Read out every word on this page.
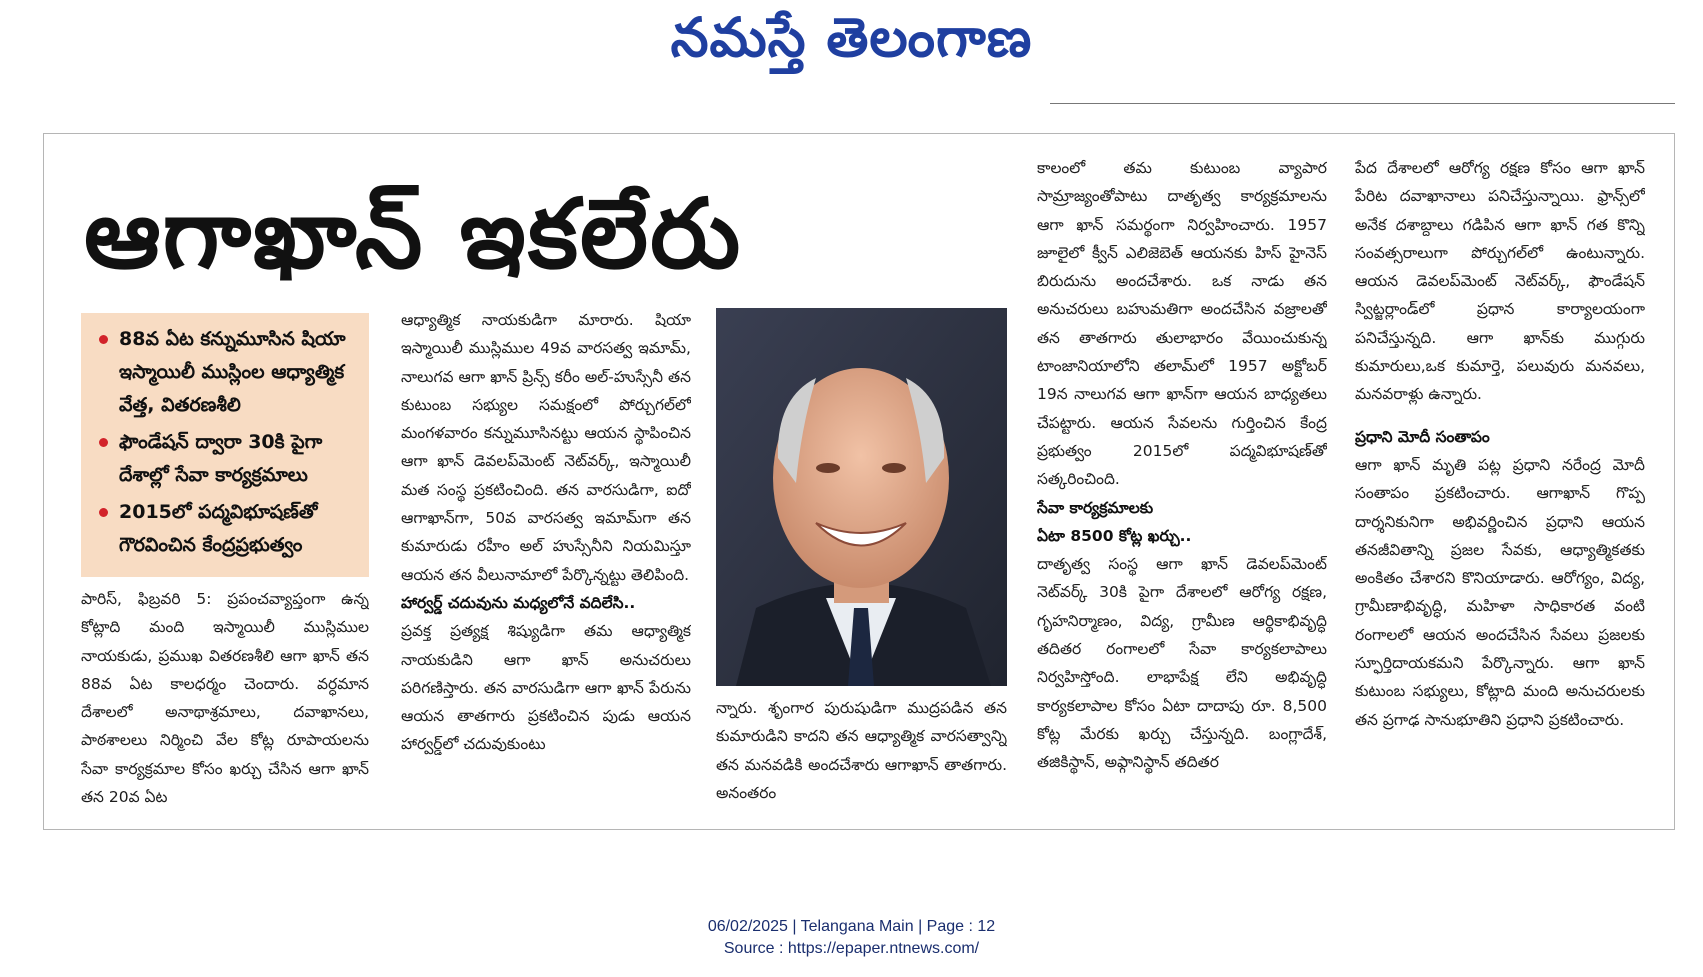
నమస్తే తెలంగాణ
ఆగాఖాన్ ఇకలేరు
88వ ఏట కన్నుమూసిన షియా ఇస్మాయిలీ ముస్లింల ఆధ్యాత్మిక వేత్త, వితరణశీలి
ఫౌండేషన్ ద్వారా 30కి పైగా దేశాల్లో సేవా కార్యక్రమాలు
2015లో పద్మవిభూషణ్‌తో గౌరవించిన కేంద్రప్రభుత్వం

పారిస్, ఫిబ్రవరి 5: ప్రపంచవ్యాప్తంగా ఉన్న కోట్లాది మంది ఇస్మాయిలీ ముస్లిముల నాయకుడు, ప్రముఖ వితరణశీలి ఆగా ఖాన్ తన 88వ ఏట కాలధర్మం చెందారు. వర్ధమాన దేశాలలో అనాథాశ్రమాలు, దవాఖానలు, పాఠశాలలు నిర్మించి వేల కోట్ల రూపాయలను సేవా కార్యక్రమాల కోసం ఖర్చు చేసిన ఆగా ఖాన్ తన 20వ ఏట

ఆధ్యాత్మిక నాయకుడిగా మారారు. షియా ఇస్మాయిలీ ముస్లిముల 49వ వారసత్వ ఇమామ్, నాలుగవ ఆగా ఖాన్ ప్రిన్స్ కరీం అల్-హుస్సేనీ తన కుటుంబ సభ్యుల సమక్షంలో పోర్చుగల్‌లో మంగళవారం కన్నుమూసినట్టు ఆయన స్థాపించిన ఆగా ఖాన్ డెవలప్‌మెంట్ నెట్‌వర్క్, ఇస్మాయిలీ మత సంస్థ ప్రకటించింది. తన వారసుడిగా, ఐదో ఆగాఖాన్‌గా, 50వ వారసత్వ ఇమామ్‌గా తన కుమారుడు రహీం అల్ హుస్సేనీని నియమిస్తూ ఆయన తన వీలునామాలో పేర్కొన్నట్టు తెలిపింది.

హార్వర్డ్ చదువును మధ్యలోనే వదిలేసి..

ప్రవక్త ప్రత్యక్ష శిష్యుడిగా తమ ఆధ్యాత్మిక నాయకుడిని ఆగా ఖాన్ అనుచరులు పరిగణిస్తారు. తన వారసుడిగా ఆగా ఖాన్ పేరును ఆయన తాతగారు ప్రకటించిన పుడు ఆయన హార్వర్డ్‌లో చదువుకుంటు

న్నారు. శృంగార పురుషుడిగా ముద్రపడిన తన కుమారుడిని కాదని తన ఆధ్యాత్మిక వారసత్వాన్ని తన మనవడికి అందచేశారు ఆగాఖాన్ తాతగారు. అనంతరం

కాలంలో తమ కుటుంబ వ్యాపార సామ్రాజ్యంతోపాటు దాతృత్వ కార్యక్రమాలను ఆగా ఖాన్ సమర్థంగా నిర్వహించారు. 1957 జూలైలో క్వీన్ ఎలిజెబెత్ ఆయనకు హిస్ హైనెస్ బిరుదును అందచేశారు. ఒక నాడు తన అనుచరులు బహుమతిగా అందచేసిన వజ్రాలతో తన తాతగారు తులాభారం వేయించుకున్న టాంజానియాలోని తలామ్‌లో 1957 అక్టోబర్ 19న నాలుగవ ఆగా ఖాన్‌గా ఆయన బాధ్యతలు చేపట్టారు. ఆయన సేవలను గుర్తించిన కేంద్ర ప్రభుత్వం 2015లో పద్మవిభూషణ్‌తో సత్కరించింది.

సేవా కార్యక్రమాలకు

ఏటా 8500 కోట్ల ఖర్చు..

దాతృత్వ సంస్థ ఆగా ఖాన్ డెవలప్‌మెంట్ నెట్‌వర్క్ 30కి పైగా దేశాలలో ఆరోగ్య రక్షణ, గృహనిర్మాణం, విద్య, గ్రామీణ ఆర్థికాభివృద్ధి తదితర రంగాలలో సేవా కార్యకలాపాలు నిర్వహిస్తోంది. లాభాపేక్ష లేని అభివృద్ధి కార్యకలాపాల కోసం ఏటా దాదాపు రూ. 8,500 కోట్ల మేరకు ఖర్చు చేస్తున్నది. బంగ్లాదేశ్, తజికిస్థాన్, అఫ్గానిస్థాన్ తదితర

పేద దేశాలలో ఆరోగ్య రక్షణ కోసం ఆగా ఖాన్ పేరిట దవాఖానాలు పనిచేస్తున్నాయి. ఫ్రాన్స్‌లో అనేక దశాబ్దాలు గడిపిన ఆగా ఖాన్ గత కొన్ని సంవత్సరాలుగా పోర్చుగల్‌లో ఉంటున్నారు. ఆయన డెవలప్‌మెంట్ నెట్‌వర్క్, ఫౌండేషన్ స్విట్జర్లాండ్‌లో ప్రధాన కార్యాలయంగా పనిచేస్తున్నది. ఆగా ఖాన్‌కు ముగ్గురు కుమారులు,ఒక కుమార్తె, పలువురు మనవలు, మనవరాళ్లు ఉన్నారు.

ప్రధాని మోదీ సంతాపం

ఆగా ఖాన్ మృతి పట్ల ప్రధాని నరేంద్ర మోదీ సంతాపం ప్రకటించారు. ఆగాఖాన్ గొప్ప దార్శనికునిగా అభివర్ణించిన ప్రధాని ఆయన తనజీవితాన్ని ప్రజల సేవకు, ఆధ్యాత్మికతకు అంకితం చేశారని కొనియాడారు. ఆరోగ్యం, విద్య, గ్రామీణాభివృద్ధి, మహిళా సాధికారత వంటి రంగాలలో ఆయన అందచేసిన సేవలు ప్రజలకు స్ఫూర్తిదాయకమని పేర్కొన్నారు. ఆగా ఖాన్ కుటుంబ సభ్యులు, కోట్లాది మంది అనుచరులకు తన ప్రగాఢ సానుభూతిని ప్రధాని ప్రకటించారు.

06/02/2025 | Telangana Main | Page : 12
Source : https://epaper.ntnews.com/
